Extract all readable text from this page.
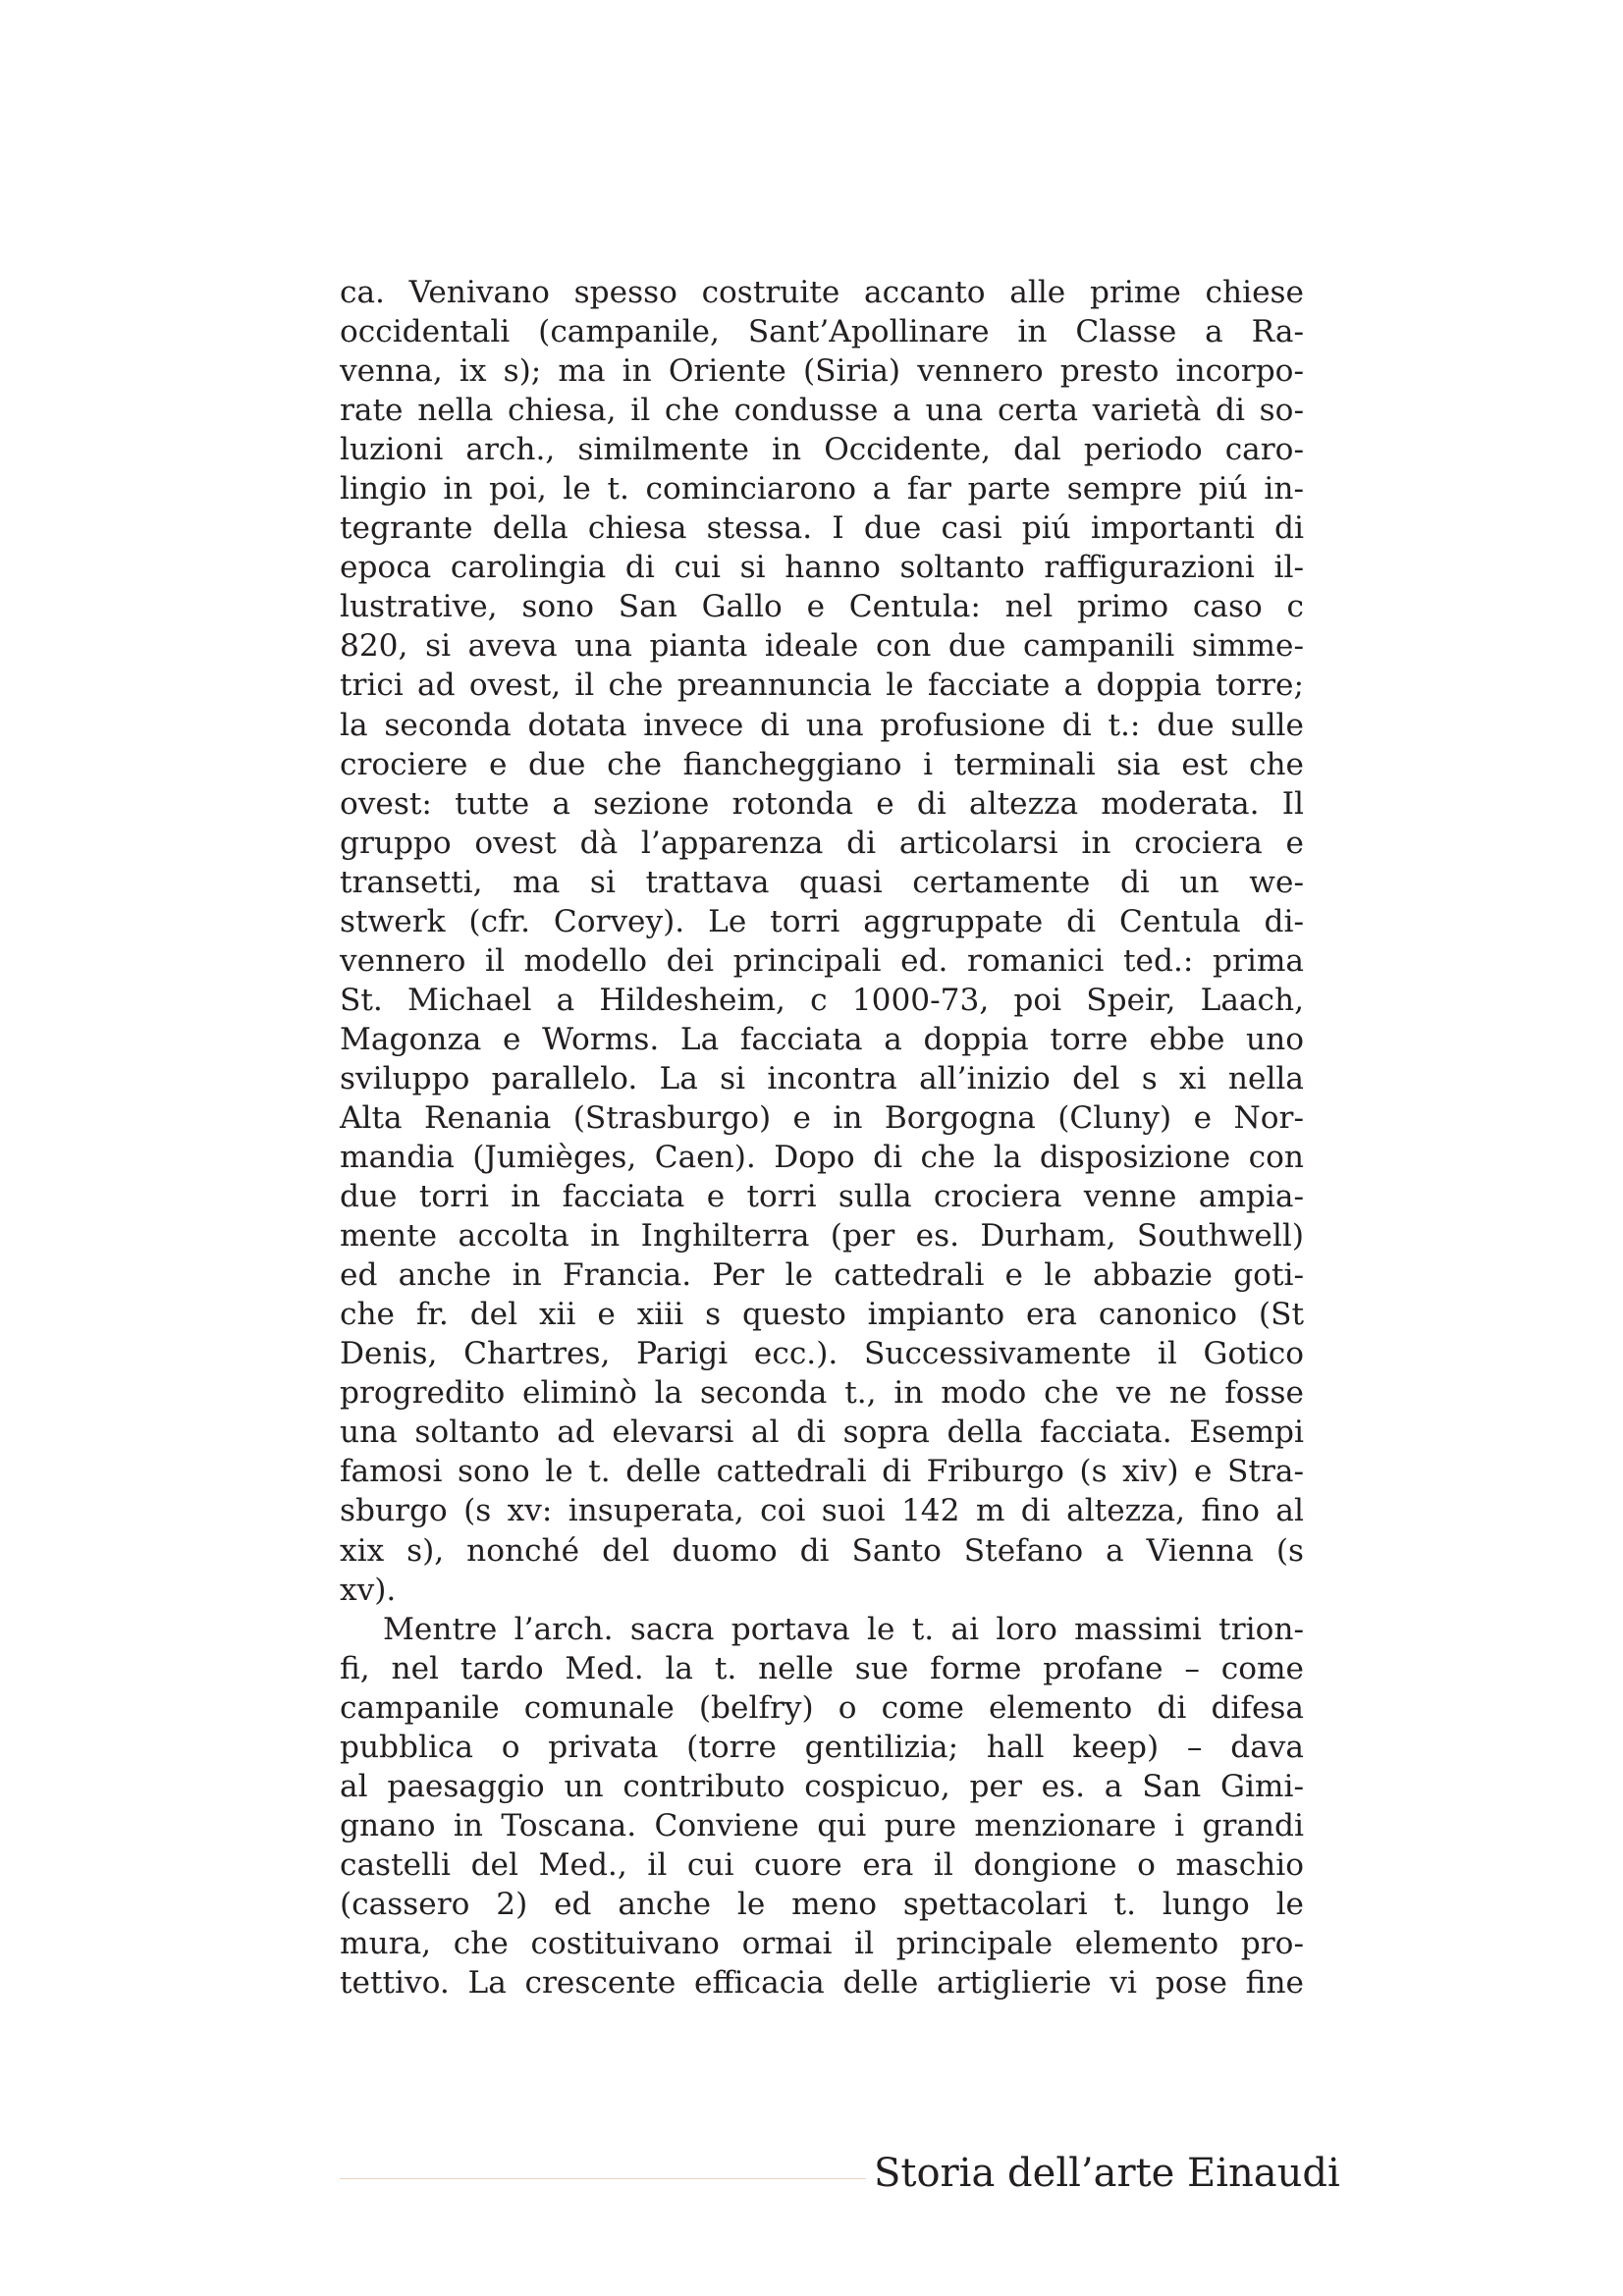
ca. Venivano spesso costruite accanto alle prime chiese

occidentali (campanile, Sant’Apollinare in Classe a Ra-

venna, ix s); ma in Oriente (Siria) vennero presto incorpo-

rate nella chiesa, il che condusse a una certa varietà di so-

luzioni arch., similmente in Occidente, dal periodo caro-

lingio in poi, le t. cominciarono a far parte sempre piú in-

tegrante della chiesa stessa. I due casi piú importanti di

epoca carolingia di cui si hanno soltanto raffigurazioni il-

lustrative, sono San Gallo e Centula: nel primo caso c

820, si aveva una pianta ideale con due campanili simme-

trici ad ovest, il che preannuncia le facciate a doppia torre;

la seconda dotata invece di una profusione di t.: due sulle

crociere e due che fiancheggiano i terminali sia est che

ovest: tutte a sezione rotonda e di altezza moderata. Il

gruppo ovest dà l’apparenza di articolarsi in crociera e

transetti, ma si trattava quasi certamente di un we-

stwerk (cfr. Corvey). Le torri aggruppate di Centula di-

vennero il modello dei principali ed. romanici ted.: prima

St. Michael a Hildesheim, c 1000-73, poi Speir, Laach,

Magonza e Worms. La facciata a doppia torre ebbe uno

sviluppo parallelo. La si incontra all’inizio del s xi nella

Alta Renania (Strasburgo) e in Borgogna (Cluny) e Nor-

mandia (Jumièges, Caen). Dopo di che la disposizione con

due torri in facciata e torri sulla crociera venne ampia-

mente accolta in Inghilterra (per es. Durham, Southwell)

ed anche in Francia. Per le cattedrali e le abbazie goti-

che fr. del xii e xiii s questo impianto era canonico (St

Denis, Chartres, Parigi ecc.). Successivamente il Gotico

progredito eliminò la seconda t., in modo che ve ne fosse

una soltanto ad elevarsi al di sopra della facciata. Esempi

famosi sono le t. delle cattedrali di Friburgo (s xiv) e Stra-

sburgo (s xv: insuperata, coi suoi 142 m di altezza, fino al

xix s), nonché del duomo di Santo Stefano a Vienna (s

xv).

Mentre l’arch. sacra portava le t. ai loro massimi trion-

fi, nel tardo Med. la t. nelle sue forme profane – come

campanile comunale (belfry) o come elemento di difesa

pubblica o privata (torre gentilizia; hall keep) – dava

al paesaggio un contributo cospicuo, per es. a San Gimi-

gnano in Toscana. Conviene qui pure menzionare i grandi

castelli del Med., il cui cuore era il dongione o maschio

(cassero 2) ed anche le meno spettacolari t. lungo le

mura, che costituivano ormai il principale elemento pro-

tettivo. La crescente efficacia delle artiglierie vi pose fine

Storia dell’arte Einaudi
